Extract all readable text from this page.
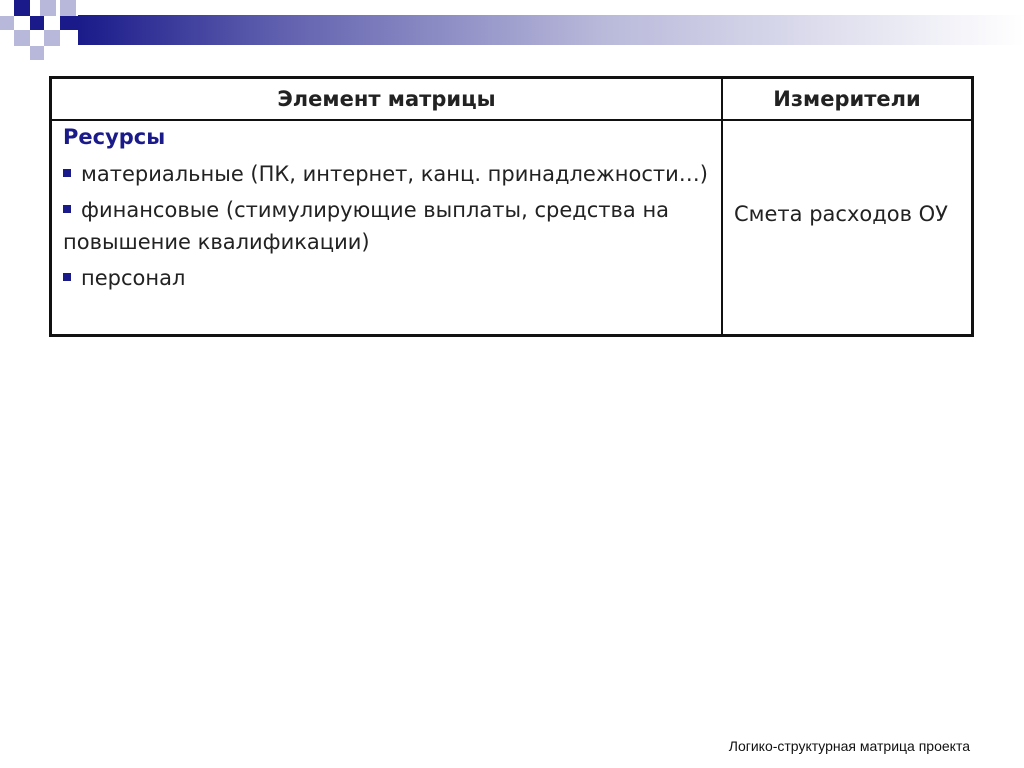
Элемент матрицы	Измерители
Ресурсы
материальные (ПК, интернет, канц. принадлежности…)
финансовые (стимулирующие выплаты, средства на повышение квалификации)
персонал
Смета расходов ОУ
Логико-структурная матрица проекта
